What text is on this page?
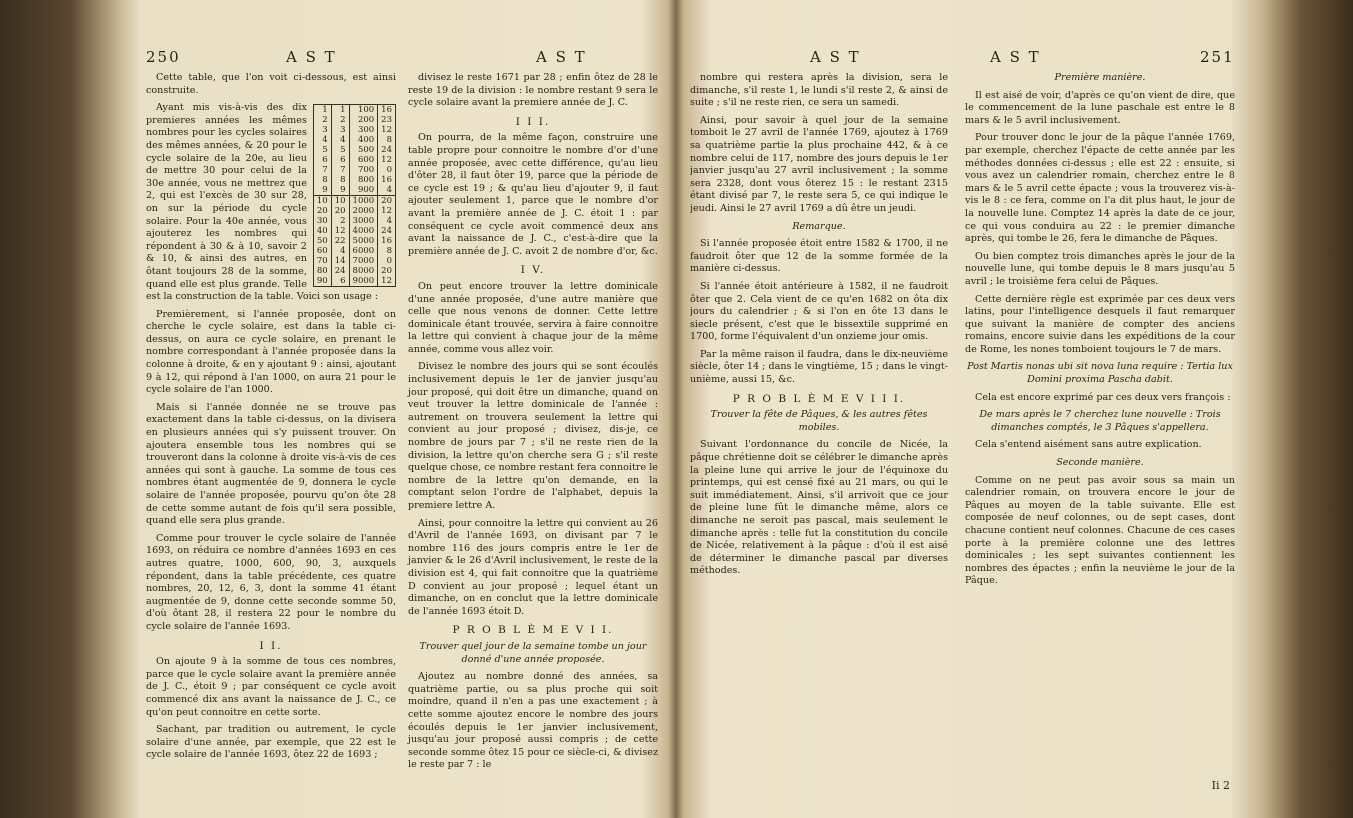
250	A S T	A S T

Cette table, que l'on voit ci-dessous, est ainsi construite.

1	1	100	16
2	2	200	23
3	3	300	12
4	4	400	8
5	5	500	24
6	6	600	12
7	7	700	0
8	8	800	16
9	9	900	4
10	10	1000	20
20	20	2000	12
30	2	3000	4
40	12	4000	24
50	22	5000	16
60	4	6000	8
70	14	7000	0
80	24	8000	20
90	6	9000	12

Ayant mis vis-à-vis des dix premieres années les mêmes nombres pour les cycles solaires des mêmes années, & 20 pour le cycle solaire de la 20e, au lieu de mettre 30 pour celui de la 30e année, vous ne mettrez que 2, qui est l'excès de 30 sur 28, on sur la période du cycle solaire. Pour la 40e année, vous ajouterez les nombres qui répondent à 30 & à 10, savoir 2 & 10, & ainsi des autres, en ôtant toujours 28 de la somme, quand elle est plus grande. Telle est la construction de la table. Voici son usage :

Premièrement, si l'année proposée, dont on cherche le cycle solaire, est dans la table ci-dessus, on aura ce cycle solaire, en prenant le nombre correspondant à l'année proposée dans la colonne à droite, & en y ajoutant 9 : ainsi, ajoutant 9 à 12, qui répond à l'an 1000, on aura 21 pour le cycle solaire de l'an 1000.

Mais si l'année donnée ne se trouve pas exactement dans la table ci-dessus, on la divisera en plusieurs années qui s'y puissent trouver. On ajoutera ensemble tous les nombres qui se trouveront dans la colonne à droite vis-à-vis de ces années qui sont à gauche. La somme de tous ces nombres étant augmentée de 9, donnera le cycle solaire de l'année proposée, pourvu qu'on ôte 28 de cette somme autant de fois qu'il sera possible, quand elle sera plus grande.

Comme pour trouver le cycle solaire de l'année 1693, on réduira ce nombre d'années 1693 en ces autres quatre, 1000, 600, 90, 3, auxquels répondent, dans la table précédente, ces quatre nombres, 20, 12, 6, 3, dont la somme 41 étant augmentée de 9, donne cette seconde somme 50, d'où ôtant 28, il restera 22 pour le nombre du cycle solaire de l'année 1693.

I I.

On ajoute 9 à la somme de tous ces nombres, parce que le cycle solaire avant la première année de J. C., étoit 9 ; par conséquent ce cycle avoit commencé dix ans avant la naissance de J. C., ce qu'on peut connoitre en cette sorte.

Sachant, par tradition ou autrement, le cycle solaire d'une année, par exemple, que 22 est le cycle solaire de l'année 1693, ôtez 22 de 1693 ;

divisez le reste 1671 par 28 ; enfin ôtez de 28 le reste 19 de la division : le nombre restant 9 sera le cycle solaire avant la premiere année de J. C.

I I I.

On pourra, de la même façon, construire une table propre pour connoitre le nombre d'or d'une année proposée, avec cette différence, qu'au lieu d'ôter 28, il faut ôter 19, parce que la période de ce cycle est 19 ; & qu'au lieu d'ajouter 9, il faut ajouter seulement 1, parce que le nombre d'or avant la première année de J. C. étoit 1 : par conséquent ce cycle avoit commencé deux ans avant la naissance de J. C., c'est-à-dire que la première année de J. C. avoit 2 de nombre d'or, &c.

I V.

On peut encore trouver la lettre dominicale d'une année proposée, d'une autre manière que celle que nous venons de donner. Cette lettre dominicale étant trouvée, servira à faire connoitre la lettre qui convient à chaque jour de la même année, comme vous allez voir.

Divisez le nombre des jours qui se sont écoulés inclusivement depuis le 1er de janvier jusqu'au jour proposé, qui doit être un dimanche, quand on veut trouver la lettre dominicale de l'année : autrement on trouvera seulement la lettre qui convient au jour proposé ; divisez, dis-je, ce nombre de jours par 7 ; s'il ne reste rien de la division, la lettre qu'on cherche sera G ; s'il reste quelque chose, ce nombre restant fera connoitre le nombre de la lettre qu'on demande, en la comptant selon l'ordre de l'alphabet, depuis la premiere lettre A.

Ainsi, pour connoitre la lettre qui convient au 26 d'Avril de l'année 1693, on divisant par 7 le nombre 116 des jours compris entre le 1er de janvier & le 26 d'Avril inclusivement, le reste de la division est 4, qui fait connoitre que la quatrième D convient au jour proposé ; lequel étant un dimanche, on en conclut que la lettre dominicale de l'année 1693 étoit D.

P R O B L È M E V I I.

Trouver quel jour de la semaine tombe un jour donné d'une année proposée.

Ajoutez au nombre donné des années, sa quatrième partie, ou sa plus proche qui soit moindre, quand il n'en a pas une exactement ; à cette somme ajoutez encore le nombre des jours écoulés depuis le 1er janvier inclusivement, jusqu'au jour proposé aussi compris ; de cette seconde somme ôtez 15 pour ce siècle-ci, & divisez le reste par 7 : le

A S T	A S T	251

nombre qui restera après la division, sera le dimanche, s'il reste 1, le lundi s'il reste 2, & ainsi de suite ; s'il ne reste rien, ce sera un samedi.

Ainsi, pour savoir à quel jour de la semaine tomboit le 27 avril de l'année 1769, ajoutez à 1769 sa quatrième partie la plus prochaine 442, & à ce nombre celui de 117, nombre des jours depuis le 1er janvier jusqu'au 27 avril inclusivement ; la somme sera 2328, dont vous ôterez 15 : le restant 2315 étant divisé par 7, le reste sera 5, ce qui indique le jeudi. Ainsi le 27 avril 1769 a dû être un jeudi.

Remarque.

Si l'année proposée étoit entre 1582 & 1700, il ne faudroit ôter que 12 de la somme formée de la manière ci-dessus.

Si l'année étoit antérieure à 1582, il ne faudroit ôter que 2. Cela vient de ce qu'en 1682 on ôta dix jours du calendrier ; & si l'on en ôte 13 dans le siecle présent, c'est que le bissextile supprimé en 1700, forme l'équivalent d'un onzieme jour omis.

Par la même raison il faudra, dans le dix-neuvième siècle, ôter 14 ; dans le vingtième, 15 ; dans le vingt-unième, aussi 15, &c.

P R O B L È M E V I I I.

Trouver la fête de Pâques, & les autres fêtes mobiles.

Suivant l'ordonnance du concile de Nicée, la pâque chrétienne doit se célébrer le dimanche après la pleine lune qui arrive le jour de l'équinoxe du printemps, qui est censé fixé au 21 mars, ou qui le suit immédiatement. Ainsi, s'il arrivoit que ce jour de pleine lune fût le dimanche même, alors ce dimanche ne seroit pas pascal, mais seulement le dimanche après : telle fut la constitution du concile de Nicée, relativement à la pâque : d'où il est aisé de déterminer le dimanche pascal par diverses méthodes.

Première manière.

Il est aisé de voir, d'après ce qu'on vient de dire, que le commencement de la lune paschale est entre le 8 mars & le 5 avril inclusivement.

Pour trouver donc le jour de la pâque l'année 1769, par exemple, cherchez l'épacte de cette année par les méthodes données ci-dessus ; elle est 22 : ensuite, si vous avez un calendrier romain, cherchez entre le 8 mars & le 5 avril cette épacte ; vous la trouverez vis-à-vis le 8 : ce fera, comme on l'a dit plus haut, le jour de la nouvelle lune. Comptez 14 après la date de ce jour, ce qui vous conduira au 22 : le premier dimanche après, qui tombe le 26, fera le dimanche de Pâques.

Ou bien comptez trois dimanches après le jour de la nouvelle lune, qui tombe depuis le 8 mars jusqu'au 5 avril ; le troisième fera celui de Pâques.

Cette dernière règle est exprimée par ces deux vers latins, pour l'intelligence desquels il faut remarquer que suivant la manière de compter des anciens romains, encore suivie dans les expéditions de la cour de Rome, les nones tomboient toujours le 7 de mars.

Post Martis nonas ubi sit nova luna require : Tertia lux Domini proxima Pascha dabit.

Cela est encore exprimé par ces deux vers françois :

De mars après le 7 cherchez lune nouvelle : Trois dimanches comptés, le 3 Pâques s'appellera.

Cela s'entend aisément sans autre explication.

Seconde manière.

Comme on ne peut pas avoir sous sa main un calendrier romain, on trouvera encore le jour de Pâques au moyen de la table suivante. Elle est composée de neuf colonnes, ou de sept cases, dont chacune contient neuf colonnes. Chacune de ces cases porte à la première colonne une des lettres dominicales ; les sept suivantes contiennent les nombres des épactes ; enfin la neuvième le jour de la Pâque.

Ii 2
